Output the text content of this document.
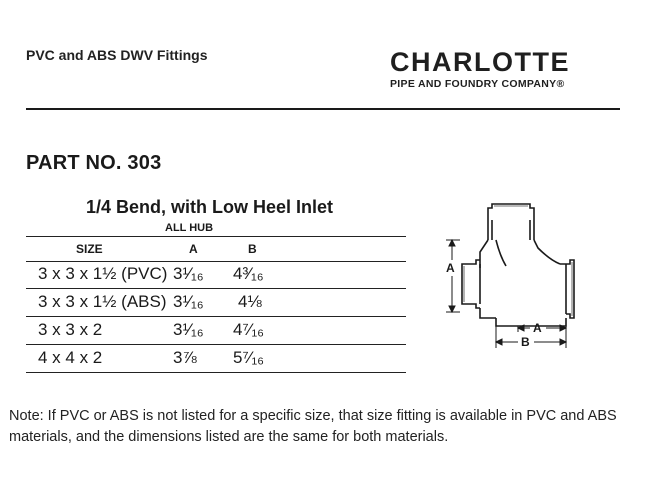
PVC and ABS DWV Fittings	CHARLOTTE
PIPE AND FOUNDRY COMPANY®
PART NO. 303
1/4 Bend, with Low Heel Inlet
ALL HUB
SIZE	A	B
3 x 3 x 1½ (PVC) 3¹⁄₁₆ 4³⁄₁₆
3 x 3 x 1½ (ABS) 3¹⁄₁₆ 4⅛
3 x 3 x 2	3¹⁄₁₆ 4⁷⁄₁₆
4 x 4 x 2	3⅞ 5⁷⁄₁₆
A
A
B
Note: If PVC or ABS is not listed for a specific size, that size fitting is available in PVC and ABS materials, and the dimensions listed are the same for both materials.
